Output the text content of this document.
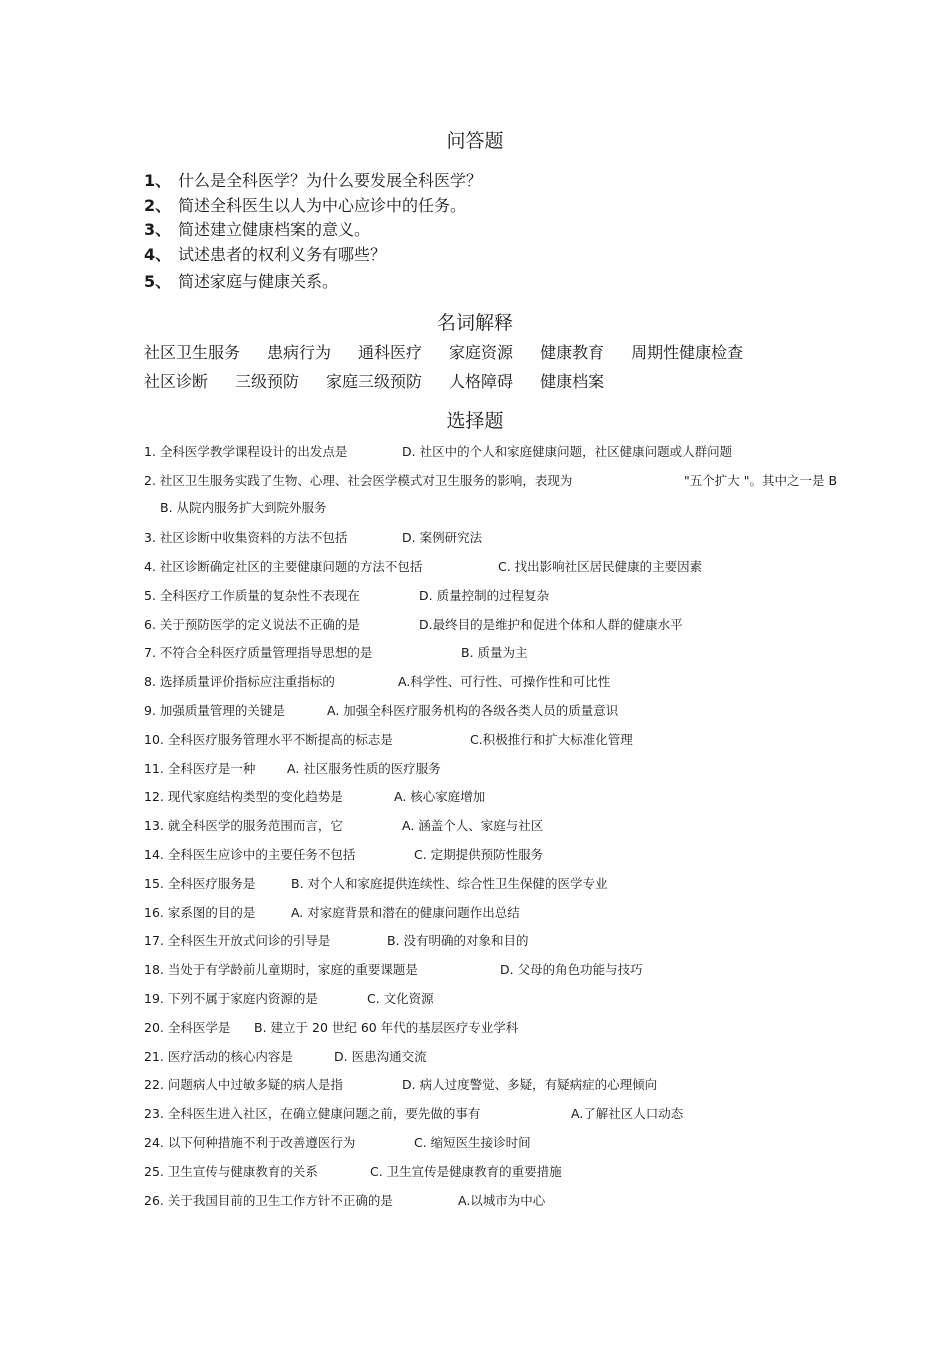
问答题
1、 什么是全科医学？为什么要发展全科医学？
2、 简述全科医生以人为中心应诊中的任务。
3、 简述建立健康档案的意义。
4、 试述患者的权利义务有哪些？
5、 简述家庭与健康关系。
名词解释
社区卫生服务 患病行为 通科医疗 家庭资源 健康教育 周期性健康检查
社区诊断 三级预防 家庭三级预防 人格障碍 健康档案
选择题
1. 全科医学教学课程设计的出发点是	D. 社区中的个人和家庭健康问题，社区健康问题或人群问题
2. 社区卫生服务实践了生物、心理、社会医学模式对卫生服务的影响，表现为	"五个扩大 "。其中之一是 B
B. 从院内服务扩大到院外服务
3. 社区诊断中收集资料的方法不包括	D. 案例研究法
4. 社区诊断确定社区的主要健康问题的方法不包括	C. 找出影响社区居民健康的主要因素
5. 全科医疗工作质量的复杂性不表现在	D. 质量控制的过程复杂
6. 关于预防医学的定义说法不正确的是	D.最终目的是维护和促进个体和人群的健康水平
7. 不符合全科医疗质量管理指导思想的是	B. 质量为主
8. 选择质量评价指标应注重指标的	A.科学性、可行性、可操作性和可比性
9. 加强质量管理的关键是	A. 加强全科医疗服务机构的各级各类人员的质量意识
10. 全科医疗服务管理水平不断提高的标志是	C.积极推行和扩大标准化管理
11. 全科医疗是一种	A. 社区服务性质的医疗服务
12. 现代家庭结构类型的变化趋势是	A. 核心家庭增加
13. 就全科医学的服务范围而言，它	A. 涵盖个人、家庭与社区
14. 全科医生应诊中的主要任务不包括	C. 定期提供预防性服务
15. 全科医疗服务是	B. 对个人和家庭提供连续性、综合性卫生保健的医学专业
16. 家系图的目的是	A. 对家庭背景和潜在的健康问题作出总结
17. 全科医生开放式问诊的引导是	B. 没有明确的对象和目的
18. 当处于有学龄前儿童期时，家庭的重要课题是	D. 父母的角色功能与技巧
19. 下列不属于家庭内资源的是	C. 文化资源
20. 全科医学是 B. 建立于 20 世纪 60 年代的基层医疗专业学科
21. 医疗活动的核心内容是	D. 医患沟通交流
22. 问题病人中过敏多疑的病人是指	D. 病人过度警觉、多疑，有疑病症的心理倾向
23. 全科医生进入社区，在确立健康问题之前，要先做的事有	A.了解社区人口动态
24. 以下何种措施不利于改善遵医行为	C. 缩短医生接诊时间
25. 卫生宣传与健康教育的关系	C. 卫生宣传是健康教育的重要措施
26. 关于我国目前的卫生工作方针不正确的是	A.以城市为中心
